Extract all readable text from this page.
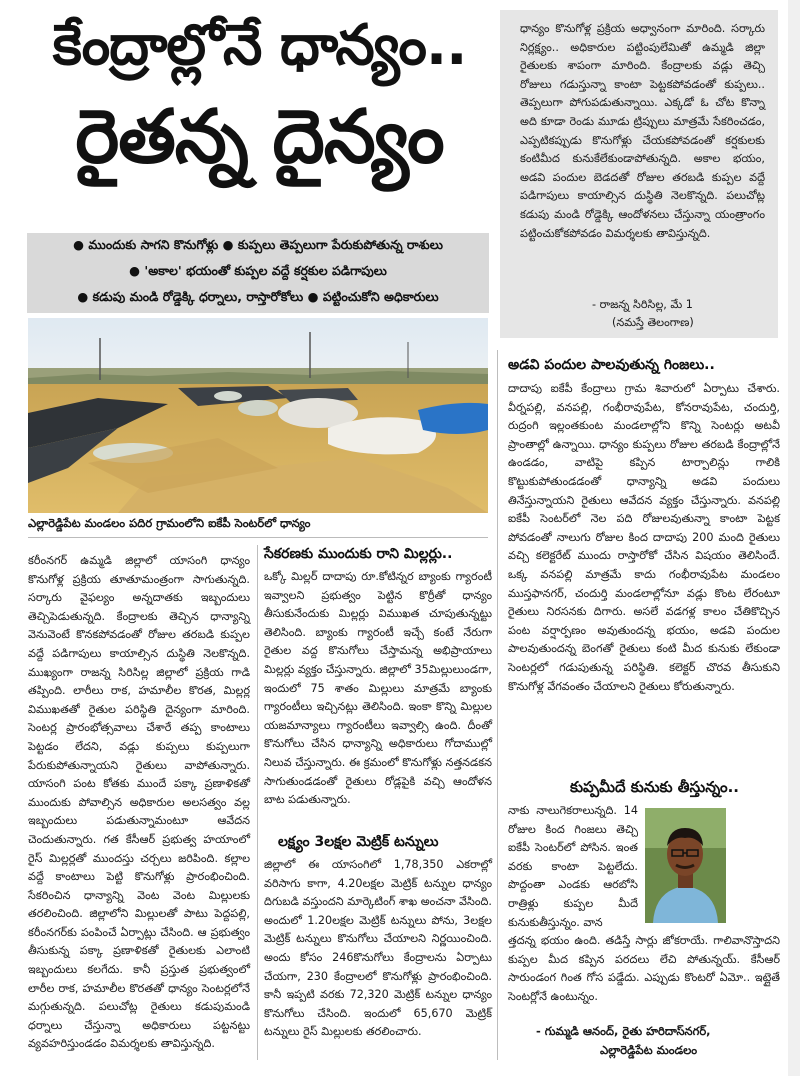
కేంద్రాల్లోనే ధాన్యం..
రైతన్న దైన్యం
● ముందుకు సాగని కొనుగోళ్లు ● కుప్పలు తెప్పలుగా పేరుకుపోతున్న రాశులు
● 'అకాల' భయంతో కుప్పల వద్దే కర్షకుల పడిగాపులు
● కడుపు మండి రోడ్డెక్కి ధర్నాలు, రాస్తారోకోలు ● పట్టించుకోని అధికారులు
ఎల్లారెడ్డిపేట మండలం పదిర గ్రామంలోని ఐకేపీ సెంటర్‌లో ధాన్యం
ధాన్యం కొనుగోళ్ల ప్రక్రియ అధ్వానంగా మారింది. సర్కారు నిర్లక్ష్యం.. అధికారుల పట్టింపులేమితో ఉమ్మడి జిల్లా రైతులకు శాపంగా మారింది. కేంద్రాలకు వడ్లు తెచ్చి రోజులు గడుస్తున్నా కాంటా పెట్టకపోవడంతో కుప్పలు.. తెప్పలుగా పోగుపడుతున్నాయి. ఎక్కడో ఓ చోట కొన్నా అది కూడా రెండు మూడు ట్రిప్పులు మాత్రమే సేకరించడం, ఎప్పటికప్పుడు కొనుగోళ్లు చేయకపోవడంతో కర్షకులకు కంటిమీద కునుకేలేకుండాపోతున్నది. అకాల భయం, అడవి పందుల బెడదతో రోజుల తరబడి కుప్పల వద్దే పడిగాపులు కాయాల్సిన దుస్థితి నెలకొన్నది. పలుచోట్ల కడుపు మండి రోడ్డెక్కి ఆందోళనలు చేస్తున్నా యంత్రాంగం పట్టించుకోకపోవడం విమర్శలకు తావిస్తున్నది.
- రాజన్న సిరిసిల్ల, మే 1
(నమస్తే తెలంగాణ)

కరీంనగర్ ఉమ్మడి జిల్లాలో యాసంగి ధాన్యం కొనుగోళ్ల ప్రక్రియ తూతూమంత్రంగా సాగుతున్నది. సర్కారు వైఫల్యం అన్నదాతకు ఇబ్బందులు తెచ్చిపెడుతున్నది. కేంద్రాలకు తెచ్చిన ధాన్యాన్ని వెనువెంటే కొనకపోవడంతో రోజుల తరబడి కుప్పల వద్దే పడిగాపులు కాయాల్సిన దుస్థితి నెలకొన్నది. ముఖ్యంగా రాజన్న సిరిసిల్ల జిల్లాలో ప్రక్రియ గాడి తప్పింది. లారీలు రాక, హమాలీల కొరత, మిల్లర్ల విముఖతతో రైతుల పరిస్థితి దైన్యంగా మారింది. సెంటర్ల ప్రారంభోత్సవాలు చేశారే తప్ప కాంటాలు పెట్టడం లేదని, వడ్లు కుప్పలు కుప్పలుగా పేరుకుపోతున్నాయని రైతులు వాపోతున్నారు. యాసంగి పంట కోతకు ముందే పక్కా ప్రణాళికతో ముందుకు పోవాల్సిన అధికారుల అలసత్వం వల్ల ఇబ్బందులు పడుతున్నామంటూ ఆవేదన చెందుతున్నారు. గత కేసీఆర్ ప్రభుత్వ హయాంలో రైస్ మిల్లర్లతో ముందస్తు చర్చలు జరిపింది. కల్లాల వద్దే కాంటాలు పెట్టి కొనుగోళ్లు ప్రారంభించింది. సేకరించిన ధాన్యాన్ని వెంట వెంట మిల్లులకు తరలించింది. జిల్లాలోని మిల్లులతో పాటు పెద్దపల్లి, కరీంనగర్‌కు పంపించే ఏర్పాట్లు చేసింది. ఆ ప్రభుత్వం తీసుకున్న పక్కా ప్రణాళికతో రైతులకు ఎలాంటి ఇబ్బందులు కలగేదు. కానీ ప్రస్తుత ప్రభుత్వంలో లారీల రాక, హమాలీల కొరతతో ధాన్యం సెంటర్లలోనే మగ్గుతున్నది. పలుచోట్ల రైతులు కడుపుమండి ధర్నాలు చేస్తున్నా అధికారులు పట్టనట్టు వ్యవహరిస్తుండడం విమర్శలకు తావిస్తున్నది.

సేకరణకు ముందుకు రాని మిల్లర్లు..

ఒక్కో మిల్లర్ దాదాపు రూ.కోటిన్నర బ్యాంకు గ్యారంటీ ఇవ్వాలని ప్రభుత్వం పెట్టిన కొర్రీతో ధాన్యం తీసుకునేందుకు మిల్లర్లు విముఖత చూపుతున్నట్టు తెలిసింది. బ్యాంకు గ్యారంటీ ఇచ్చే కంటే నేరుగా రైతుల వద్ద కొనుగోలు చేస్తామన్న అభిప్రాయాలు మిల్లర్లు వ్యక్తం చేస్తున్నారు. జిల్లాలో 35మిల్లులుండగా, ఇందులో 75 శాతం మిల్లులు మాత్రమే బ్యాంకు గ్యారంటీలు ఇచ్చినట్లు తెలిసింది. ఇంకా కొన్ని మిల్లుల యజమాన్యాలు గ్యారంటీలు ఇవ్వాల్సి ఉంది. దీంతో కొనుగోలు చేసిన ధాన్యాన్ని అధికారులు గోదాముల్లో నిలువ చేస్తున్నారు. ఈ క్రమంలో కొనుగోళ్లు నత్తనడకన సాగుతుండడంతో రైతులు రోడ్లపైకి వచ్చి ఆందోళన బాట పడుతున్నారు.

లక్ష్యం 3లక్షల మెట్రిక్ టన్నులు

జిల్లాలో ఈ యాసంగిలో 1,78,350 ఎకరాల్లో వరిసాగు కాగా, 4.20లక్షల మెట్రిక్ టన్నుల ధాన్యం దిగుబడి వస్తుందని మార్కెటింగ్ శాఖ అంచనా వేసింది. అందులో 1.20లక్షల మెట్రిక్ టన్నులు పోను, 3లక్షల మెట్రిక్ టన్నులు కొనుగోలు చేయాలని నిర్ణయించింది. అందు కోసం 246కొనుగోలు కేంద్రాలను ఏర్పాటు చేయగా, 230 కేంద్రాలలో కొనుగోళ్లు ప్రారంభించింది. కానీ ఇప్పటి వరకు 72,320 మెట్రిక్ టన్నుల ధాన్యం కొనుగోలు చేసింది. ఇందులో 65,670 మెట్రిక్ టన్నులు రైస్ మిల్లులకు తరలించారు.

అడవి పందుల పాలవుతున్న గింజలు..

దాదాపు ఐకేపీ కేంద్రాలు గ్రామ శివారులో ఏర్పాటు చేశారు. వీర్నపల్లి, వనపల్లి, గంభీరావుపేట, కోనరావుపేట, చందుర్తి, రుద్రంగి ఇల్లంతకుంట మండలాల్లోని కొన్ని సెంటర్లు అటవీ ప్రాంతాల్లో ఉన్నాయి. ధాన్యం కుప్పలు రోజుల తరబడి కేంద్రాల్లోనే ఉండడం, వాటిపై కప్పిన టార్పాలిన్లు గాలికి కొట్టుకుపోతుండడంతో ధాన్యాన్ని అడవి పందులు తినేస్తున్నాయని రైతులు ఆవేదన వ్యక్తం చేస్తున్నారు. వనపల్లి ఐకేపీ సెంటర్‌లో నెల పది రోజులవుతున్నా కాంటా పెట్టక పోవడంతో నాలుగు రోజుల కింద దాదాపు 200 మంది రైతులు వచ్చి కలెక్టరేట్ ముందు రాస్తారోకో చేసిన విషయం తెలిసిందే. ఒక్క వనపల్లి మాత్రమే కాదు గంభీరావుపేట మండలం ముస్తఫానగర్, చందుర్తి మండలాల్లోనూ వడ్లు కొంట లేరంటూ రైతులు నిరసనకు దిగారు. అసలే వడగళ్ల కాలం చేతికొచ్చిన పంట వర్షార్పణం అవుతుందన్న భయం, అడవి పందుల పాలవుతుందన్న బెంగతో రైతులు కంటి మీద కునుకు లేకుండా సెంటర్లలో గడుపుతున్న పరిస్థితి. కలెక్టర్ చొరవ తీసుకుని కొనుగోళ్ల వేగవంతం చేయాలని రైతులు కోరుతున్నారు.

కుప్పమీదే కునుకు తీస్తున్నం..

నాకు నాలుగెకరాలున్నది. 14 రోజుల కింద గింజలు తెచ్చి ఐకేపీ సెంటర్‌లో పోసిన. ఇంత వరకు కాంటా పెట్టలేదు. పొద్దంతా ఎండకు ఆరబోసి రాత్రిళ్లు కుప్పల మీదే కునుకుతీస్తున్నం. వాన

త్తదన్న భయం ఉంది. తడిస్తే సార్లు జోకరాయే. గాలివానొస్తాదని కుప్పల మీద కప్పిన పరదలు లేచి పోతున్నయ్. కేసీఆర్ సారుండంగ గింత గోస పడ్డేదు. ఎప్పుడు కొంటరో ఏమో.. ఇట్లైతే సెంటర్లోనే ఉంటున్నం.

- గుమ్మడి ఆనంద్, రైతు హరిదాస్‌నగర్,
ఎల్లారెడ్డిపేట మండలం
